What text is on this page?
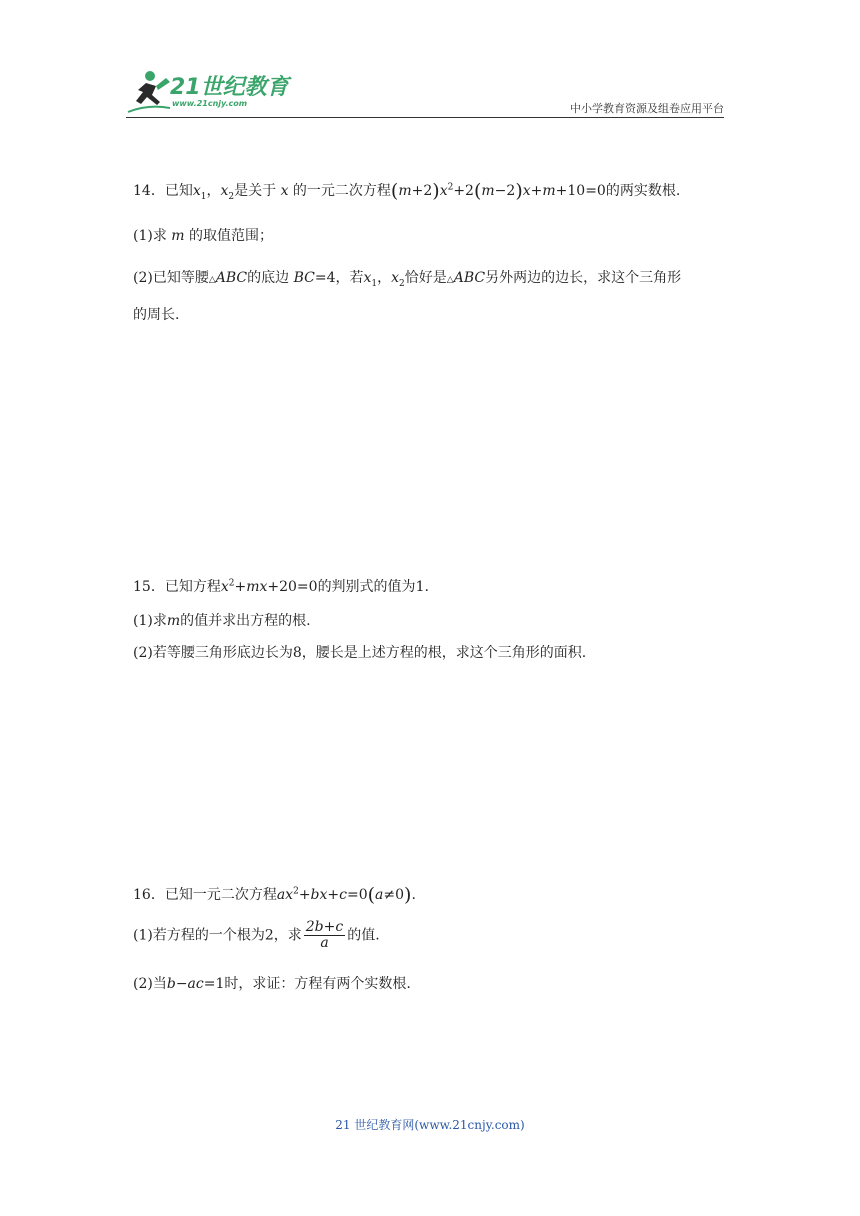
21世纪教育
www.21cnjy.com	中小学教育资源及组卷应用平台
14．已知$x_1$，$x_2$是关于 x 的一元二次方程$(m+2)x^2+2(m-2)x+m+10=0$的两实数根.
(1)求 m 的取值范围；
(2)已知等腰△ABC的底边 BC=4，若$x_1$，$x_2$恰好是△ABC另外两边的边长，求这个三角形
的周长.
15．已知方程$x^2+mx+20=0$的判别式的值为1.
(1)求m的值并求出方程的根.
(2)若等腰三角形底边长为8，腰长是上述方程的根，求这个三角形的面积.
16．已知一元二次方程$ax^2+bx+c=0(a\ne 0)$.
(1)若方程的一个根为2，求 $\frac{2b+c}{a}$ 的值.
(2)当b−ac=1时，求证：方程有两个实数根.
21 世纪教育网(www.21cnjy.com)
